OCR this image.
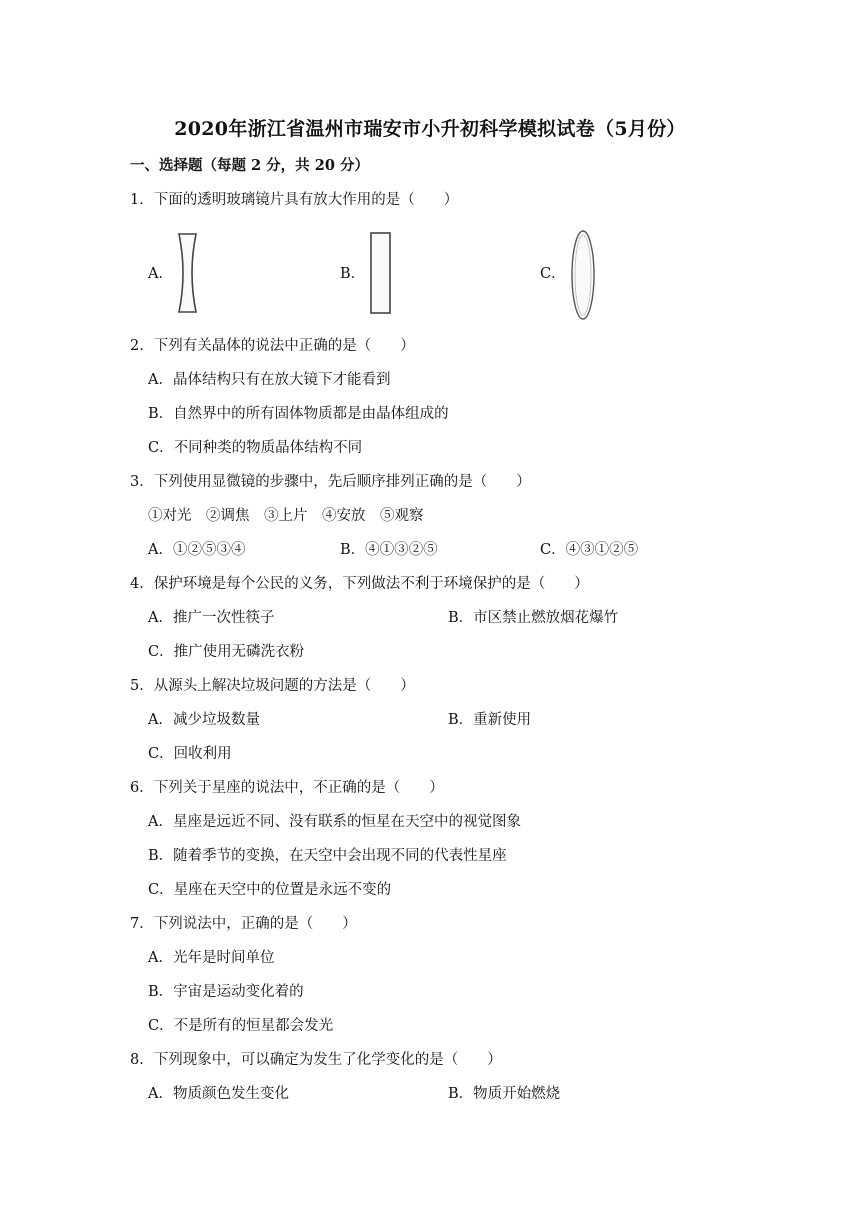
2020年浙江省温州市瑞安市小升初科学模拟试卷（5月份）
一、选择题（每题 2 分，共 20 分）
1．下面的透明玻璃镜片具有放大作用的是（　　）
A．	B．	C．
2．下列有关晶体的说法中正确的是（　　）
A．晶体结构只有在放大镜下才能看到
B．自然界中的所有固体物质都是由晶体组成的
C．不同种类的物质晶体结构不同
3．下列使用显微镜的步骤中，先后顺序排列正确的是（　　）
①对光　②调焦　③上片　④安放　⑤观察
A．①②⑤③④	B．④①③②⑤	C．④③①②⑤
4．保护环境是每个公民的义务，下列做法不利于环境保护的是（　　）
A．推广一次性筷子	B．市区禁止燃放烟花爆竹
C．推广使用无磷洗衣粉
5．从源头上解决垃圾问题的方法是（　　）
A．减少垃圾数量	B．重新使用
C．回收利用
6．下列关于星座的说法中，不正确的是（　　）
A．星座是远近不同、没有联系的恒星在天空中的视觉图象
B．随着季节的变换，在天空中会出现不同的代表性星座
C．星座在天空中的位置是永远不变的
7．下列说法中，正确的是（　　）
A．光年是时间单位
B．宇宙是运动变化着的
C．不是所有的恒星都会发光
8．下列现象中，可以确定为发生了化学变化的是（　　）
A．物质颜色发生变化	B．物质开始燃烧
